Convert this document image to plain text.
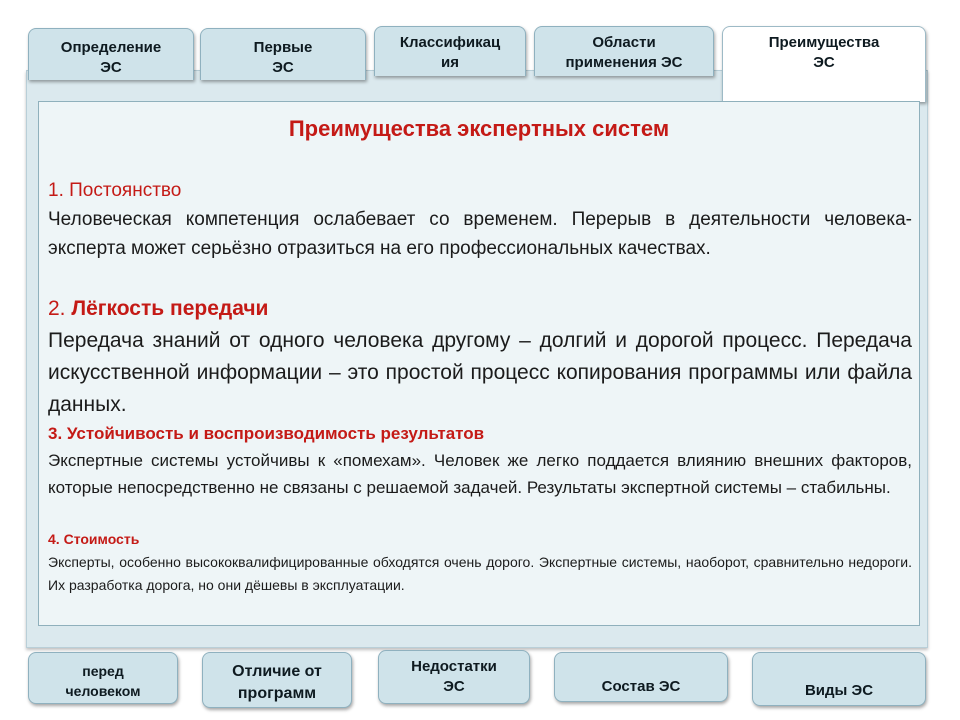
Определение
ЭС
Первые
ЭС
Классификац
ия
Области
применения ЭС
Преимущества
ЭС
Преимущества экспертных систем
1. Постоянство
Человеческая компетенция ослабевает со временем. Перерыв в деятельности человека-эксперта может серьёзно отразиться на его профессиональных качествах.
2. Лёгкость передачи
Передача знаний от одного человека другому – долгий и дорогой процесс. Передача искусственной информации – это простой процесс копирования программы или файла данных.
3. Устойчивость и воспроизводимость результатов
Экспертные системы устойчивы к «помехам». Человек же легко поддается влиянию внешних факторов, которые непосредственно не связаны с решаемой задачей. Результаты экспертной системы – стабильны.
4. Стоимость
Эксперты, особенно высококвалифицированные обходятся очень дорого. Экспертные системы, наоборот, сравнительно недороги. Их разработка дорога, но они дёшевы в эксплуатации.
перед
человеком
Отличие от
программ
Недостатки
ЭС	Состав ЭС	Виды ЭС
